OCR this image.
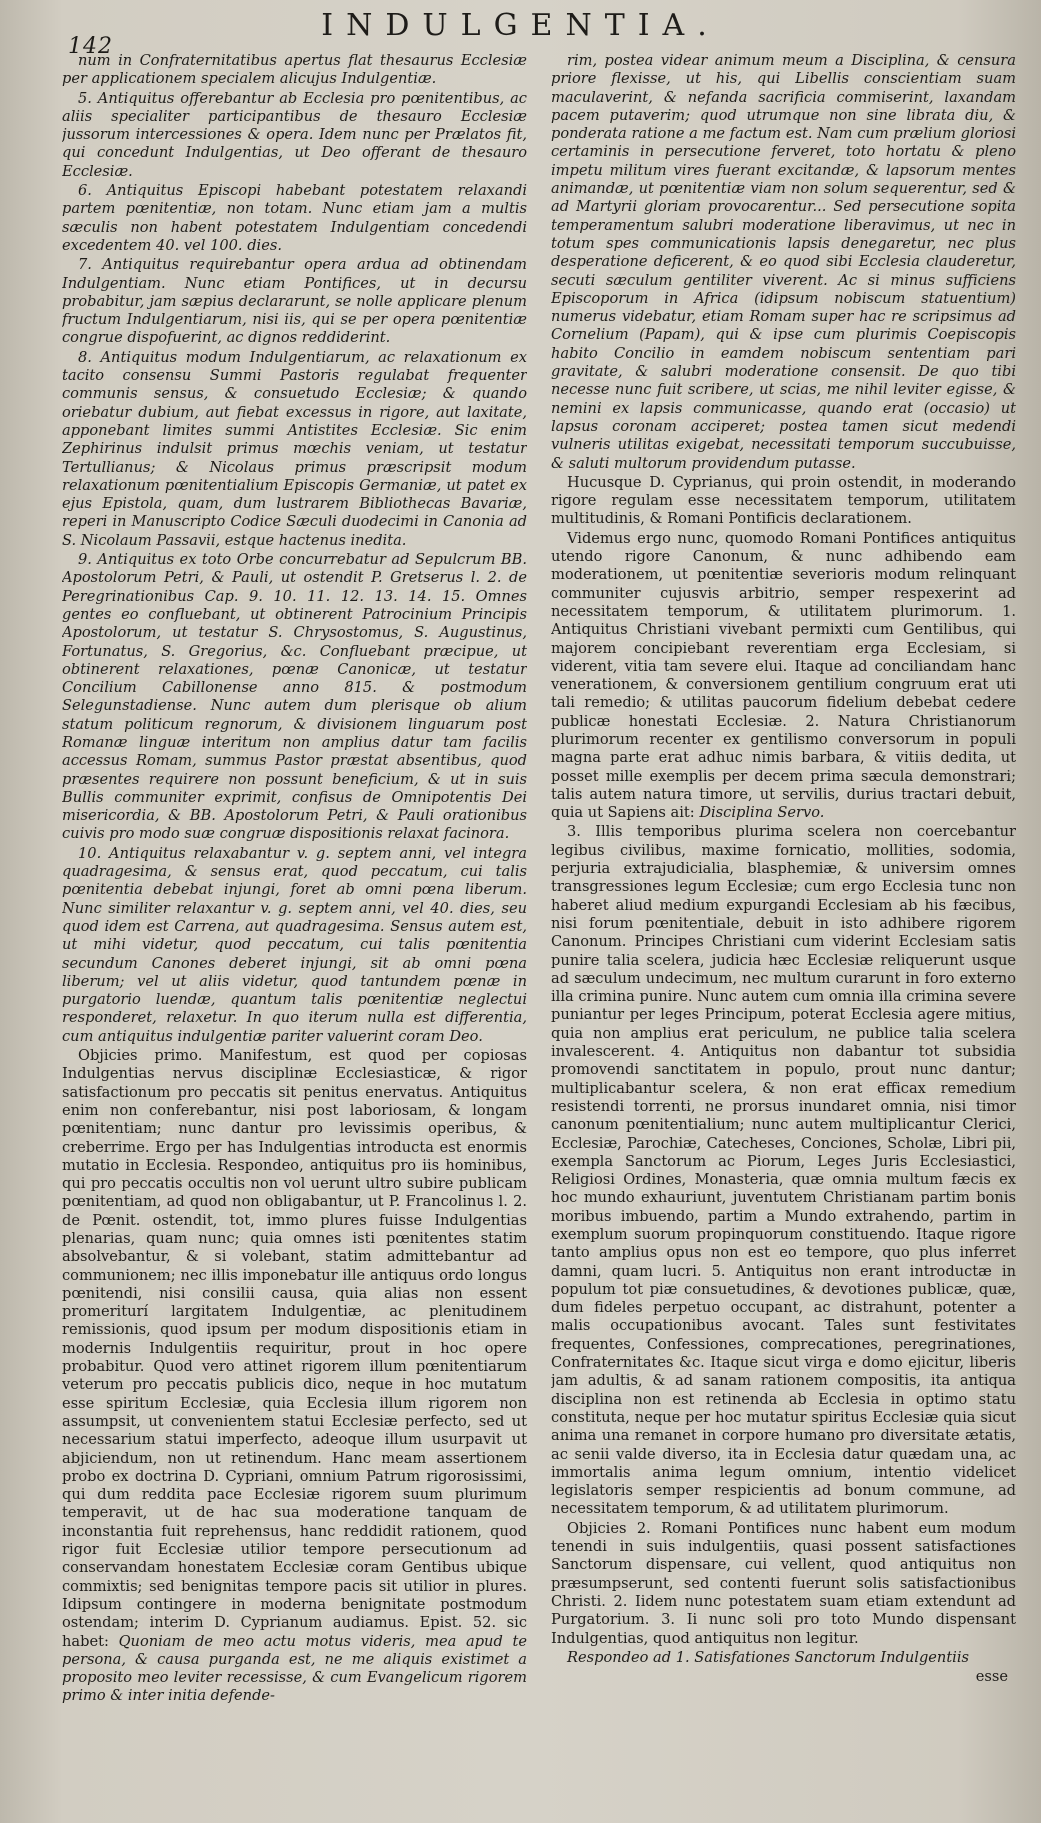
142
INDULGENTIA.

num in Confraternitatibus apertus flat thesaurus Ecclesiæ per applicationem specialem alicujus Indulgentiæ.

5. Antiquitus offerebantur ab Ecclesia pro pœnitentibus, ac aliis specialiter participantibus de thesauro Ecclesiæ jussorum intercessiones & opera. Idem nunc per Prælatos fit, qui concedunt Indulgentias, ut Deo offerant de thesauro Ecclesiæ.

6. Antiquitus Episcopi habebant potestatem relaxandi partem pœnitentiæ, non totam. Nunc etiam jam a multis sæculis non habent potestatem Indulgentiam concedendi excedentem 40. vel 100. dies.

7. Antiquitus requirebantur opera ardua ad obtinendam Indulgentiam. Nunc etiam Pontifices, ut in decursu probabitur, jam sæpius declararunt, se nolle applicare plenum fructum Indulgentiarum, nisi iis, qui se per opera pœnitentiæ congrue dispofuerint, ac dignos reddiderint.

8. Antiquitus modum Indulgentiarum, ac relaxationum ex tacito consensu Summi Pastoris regulabat frequenter communis sensus, & consuetudo Ecclesiæ; & quando oriebatur dubium, aut fiebat excessus in rigore, aut laxitate, apponebant limites summi Antistites Ecclesiæ. Sic enim Zephirinus indulsit primus mœchis veniam, ut testatur Tertullianus; & Nicolaus primus præscripsit modum relaxationum pœnitentialium Episcopis Germaniæ, ut patet ex ejus Epistola, quam, dum lustrarem Bibliothecas Bavariæ, reperi in Manuscripto Codice Sæculi duodecimi in Canonia ad S. Nicolaum Passavii, estque hactenus inedita.

9. Antiquitus ex toto Orbe concurrebatur ad Sepulcrum BB. Apostolorum Petri, & Pauli, ut ostendit P. Gretserus l. 2. de Peregrinationibus Cap. 9. 10. 11. 12. 13. 14. 15. Omnes gentes eo confluebant, ut obtinerent Patrocinium Principis Apostolorum, ut testatur S. Chrysostomus, S. Augustinus, Fortunatus, S. Gregorius, &c. Confluebant præcipue, ut obtinerent relaxationes, pœnæ Canonicæ, ut testatur Concilium Cabillonense anno 815. & postmodum Selegunstadiense. Nunc autem dum plerisque ob alium statum politicum regnorum, & divisionem linguarum post Romanæ linguæ interitum non amplius datur tam facilis accessus Romam, summus Pastor præstat absentibus, quod præsentes requirere non possunt beneficium, & ut in suis Bullis communiter exprimit, confisus de Omnipotentis Dei misericordia, & BB. Apostolorum Petri, & Pauli orationibus cuivis pro modo suæ congruæ dispositionis relaxat facinora.

10. Antiquitus relaxabantur v. g. septem anni, vel integra quadragesima, & sensus erat, quod peccatum, cui talis pœnitentia debebat injungi, foret ab omni pœna liberum. Nunc similiter relaxantur v. g. septem anni, vel 40. dies, seu quod idem est Carrena, aut quadragesima. Sensus autem est, ut mihi videtur, quod peccatum, cui talis pœnitentia secundum Canones deberet injungi, sit ab omni pœna liberum; vel ut aliis videtur, quod tantundem pœnæ in purgatorio luendæ, quantum talis pœnitentiæ neglectui responderet, relaxetur. In quo iterum nulla est differentia, cum antiquitus indulgentiæ pariter valuerint coram Deo.

Objicies primo. Manifestum, est quod per copiosas Indulgentias nervus disciplinæ Ecclesiasticæ, & rigor satisfactionum pro peccatis sit penitus enervatus. Antiquitus enim non conferebantur, nisi post laboriosam, & longam pœnitentiam; nunc dantur pro levissimis operibus, & creberrime. Ergo per has Indulgentias introducta est enormis mutatio in Ecclesia. Respondeo, antiquitus pro iis hominibus, qui pro peccatis occultis non vol uerunt ultro subire publicam pœnitentiam, ad quod non obligabantur, ut P. Francolinus l. 2. de Pœnit. ostendit, tot, immo plures fuisse Indulgentias plenarias, quam nunc; quia omnes isti pœnitentes statim absolvebantur, & si volebant, statim admittebantur ad communionem; nec illis imponebatur ille antiquus ordo longus pœnitendi, nisi consilii causa, quia alias non essent promeriturí largitatem Indulgentiæ, ac plenitudinem remissionis, quod ipsum per modum dispositionis etiam in modernis Indulgentiis requiritur, prout in hoc opere probabitur. Quod vero attinet rigorem illum pœnitentiarum veterum pro peccatis publicis dico, neque in hoc mutatum esse spiritum Ecclesiæ, quia Ecclesia illum rigorem non assumpsit, ut convenientem statui Ecclesiæ perfecto, sed ut necessarium statui imperfecto, adeoque illum usurpavit ut abjiciendum, non ut retinendum. Hanc meam assertionem probo ex doctrina D. Cypriani, omnium Patrum rigorosissimi, qui dum reddita pace Ecclesiæ rigorem suum plurimum temperavit, ut de hac sua moderatione tanquam de inconstantia fuit reprehensus, hanc reddidit rationem, quod rigor fuit Ecclesiæ utilior tempore persecutionum ad conservandam honestatem Ecclesiæ coram Gentibus ubique commixtis; sed benignitas tempore pacis sit utilior in plures. Idipsum contingere in moderna benignitate postmodum ostendam; interim D. Cyprianum audiamus. Epist. 52. sic habet: Quoniam de meo actu motus videris, mea apud te persona, & causa purganda est, ne me aliquis existimet a proposito meo leviter recessisse, & cum Evangelicum rigorem primo & inter initia defende-

rim, postea videar animum meum a Disciplina, & censura priore flexisse, ut his, qui Libellis conscientiam suam maculaverint, & nefanda sacrificia commiserint, laxandam pacem putaverim; quod utrumque non sine librata diu, & ponderata ratione a me factum est. Nam cum prælium gloriosi certaminis in persecutione ferveret, toto hortatu & pleno impetu militum vires fuerant excitandæ, & lapsorum mentes animandæ, ut pœnitentiæ viam non solum sequerentur, sed & ad Martyrii gloriam provocarentur... Sed persecutione sopita temperamentum salubri moderatione liberavimus, ut nec in totum spes communicationis lapsis denegaretur, nec plus desperatione deficerent, & eo quod sibi Ecclesia clauderetur, secuti sæculum gentiliter viverent. Ac si minus sufficiens Episcoporum in Africa (idipsum nobiscum statuentium) numerus videbatur, etiam Romam super hac re scripsimus ad Cornelium (Papam), qui & ipse cum plurimis Coepiscopis habito Concilio in eamdem nobiscum sententiam pari gravitate, & salubri moderatione consensit. De quo tibi necesse nunc fuit scribere, ut scias, me nihil leviter egisse, & nemini ex lapsis communicasse, quando erat (occasio) ut lapsus coronam acciperet; postea tamen sicut medendi vulneris utilitas exigebat, necessitati temporum succubuisse, & saluti multorum providendum putasse.

Hucusque D. Cyprianus, qui proin ostendit, in moderando rigore regulam esse necessitatem temporum, utilitatem multitudinis, & Romani Pontificis declarationem.

Videmus ergo nunc, quomodo Romani Pontifices antiquitus utendo rigore Canonum, & nunc adhibendo eam moderationem, ut pœnitentiæ severioris modum relinquant communiter cujusvis arbitrio, semper respexerint ad necessitatem temporum, & utilitatem plurimorum. 1. Antiquitus Christiani vivebant permixti cum Gentilibus, qui majorem concipiebant reverentiam erga Ecclesiam, si viderent, vitia tam severe elui. Itaque ad conciliandam hanc venerationem, & conversionem gentilium congruum erat uti tali remedio; & utilitas paucorum fidelium debebat cedere publicæ honestati Ecclesiæ. 2. Natura Christianorum plurimorum recenter ex gentilismo conversorum in populi magna parte erat adhuc nimis barbara, & vitiis dedita, ut posset mille exemplis per decem prima sæcula demonstrari; talis autem natura timore, ut servilis, durius tractari debuit, quia ut Sapiens ait: Disciplina Servo.

3. Illis temporibus plurima scelera non coercebantur legibus civilibus, maxime fornicatio, mollities, sodomia, perjuria extrajudicialia, blasphemiæ, & universim omnes transgressiones legum Ecclesiæ; cum ergo Ecclesia tunc non haberet aliud medium expurgandi Ecclesiam ab his fæcibus, nisi forum pœnitentiale, debuit in isto adhibere rigorem Canonum. Principes Christiani cum viderint Ecclesiam satis punire talia scelera, judicia hæc Ecclesiæ reliquerunt usque ad sæculum undecimum, nec multum curarunt in foro externo illa crimina punire. Nunc autem cum omnia illa crimina severe puniantur per leges Principum, poterat Ecclesia agere mitius, quia non amplius erat periculum, ne publice talia scelera invalescerent. 4. Antiquitus non dabantur tot subsidia promovendi sanctitatem in populo, prout nunc dantur; multiplicabantur scelera, & non erat efficax remedium resistendi torrenti, ne prorsus inundaret omnia, nisi timor canonum pœnitentialium; nunc autem multiplicantur Clerici, Ecclesiæ, Parochiæ, Catecheses, Conciones, Scholæ, Libri pii, exempla Sanctorum ac Piorum, Leges Juris Ecclesiastici, Religiosi Ordines, Monasteria, quæ omnia multum fæcis ex hoc mundo exhauriunt, juventutem Christianam partim bonis moribus imbuendo, partim a Mundo extrahendo, partim in exemplum suorum propinquorum constituendo. Itaque rigore tanto amplius opus non est eo tempore, quo plus inferret damni, quam lucri. 5. Antiquitus non erant introductæ in populum tot piæ consuetudines, & devotiones publicæ, quæ, dum fideles perpetuo occupant, ac distrahunt, potenter a malis occupationibus avocant. Tales sunt festivitates frequentes, Confessiones, comprecationes, peregrinationes, Confraternitates &c. Itaque sicut virga e domo ejicitur, liberis jam adultis, & ad sanam rationem compositis, ita antiqua disciplina non est retinenda ab Ecclesia in optimo statu constituta, neque per hoc mutatur spiritus Ecclesiæ quia sicut anima una remanet in corpore humano pro diversitate ætatis, ac senii valde diverso, ita in Ecclesia datur quædam una, ac immortalis anima legum omnium, intentio videlicet legislatoris semper respicientis ad bonum commune, ad necessitatem temporum, & ad utilitatem plurimorum.

Objicies 2. Romani Pontifices nunc habent eum modum tenendi in suis indulgentiis, quasi possent satisfactiones Sanctorum dispensare, cui vellent, quod antiquitus non præsumpserunt, sed contenti fuerunt solis satisfactionibus Christi. 2. Iidem nunc potestatem suam etiam extendunt ad Purgatorium. 3. Ii nunc soli pro toto Mundo dispensant Indulgentias, quod antiquitus non legitur.

Respondeo ad 1. Satisfationes Sanctorum Indulgentiis

esse
